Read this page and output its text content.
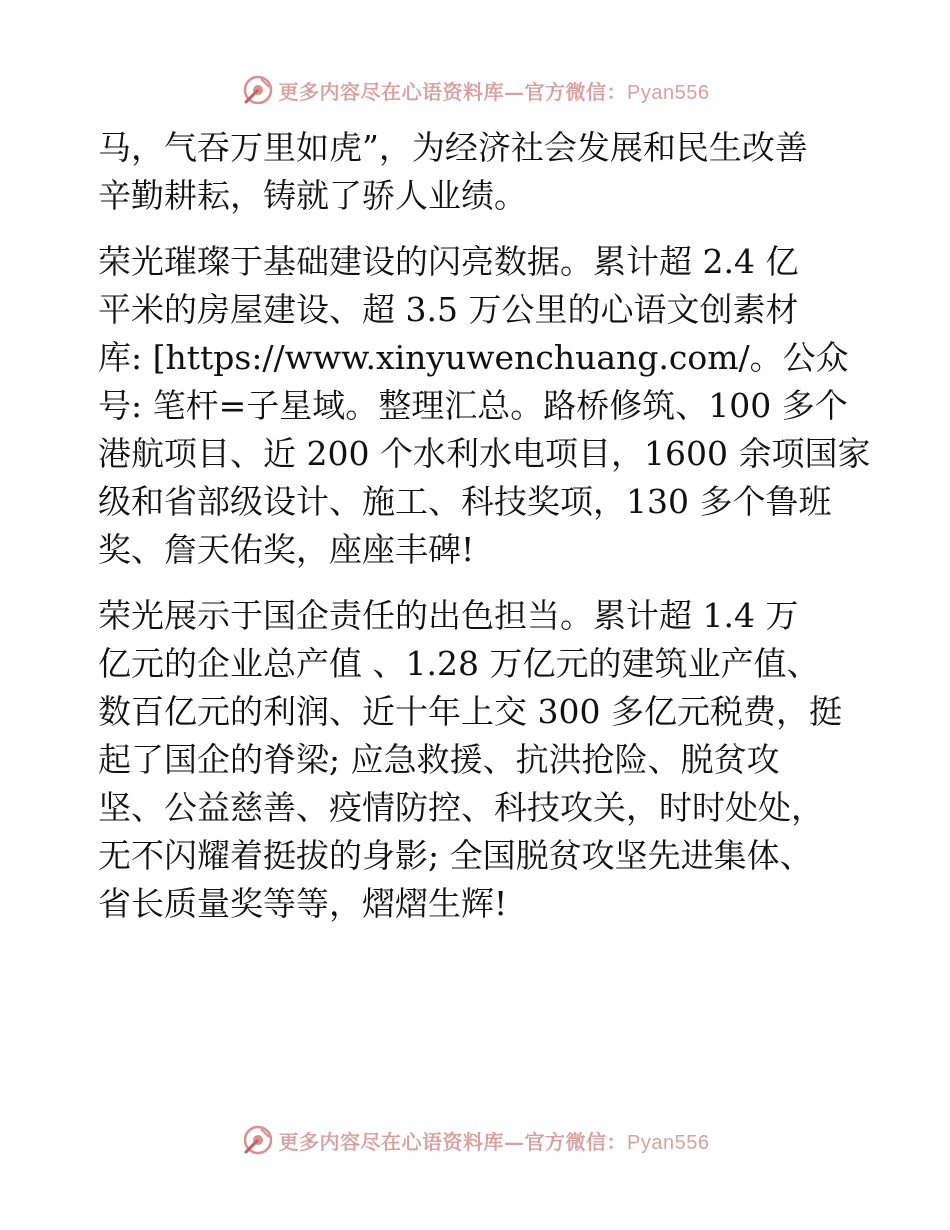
更多内容尽在心语资料库—官方微信：Pyan556
马，气吞万里如虎”，为经济社会发展和民生改善
辛勤耕耘，铸就了骄人业绩。
荣光璀璨于基础建设的闪亮数据。累计超 2.4 亿
平米的房屋建设、超 3.5 万公里的心语文创素材
库: [https://www.xinyuwenchuang.com/。公众
号: 笔杆=子星域。整理汇总。路桥修筑、100 多个
港航项目、近 200 个水利水电项目，1600 余项国家
级和省部级设计、施工、科技奖项，130 多个鲁班
奖、詹天佑奖，座座丰碑!
荣光展示于国企责任的出色担当。累计超 1.4 万
亿元的企业总产值 、1.28 万亿元的建筑业产值、
数百亿元的利润、近十年上交 300 多亿元税费，挺
起了国企的脊梁; 应急救援、抗洪抢险、脱贫攻
坚、公益慈善、疫情防控、科技攻关，时时处处，
无不闪耀着挺拔的身影; 全国脱贫攻坚先进集体、
省长质量奖等等，熠熠生辉!
更多内容尽在心语资料库—官方微信：Pyan556
